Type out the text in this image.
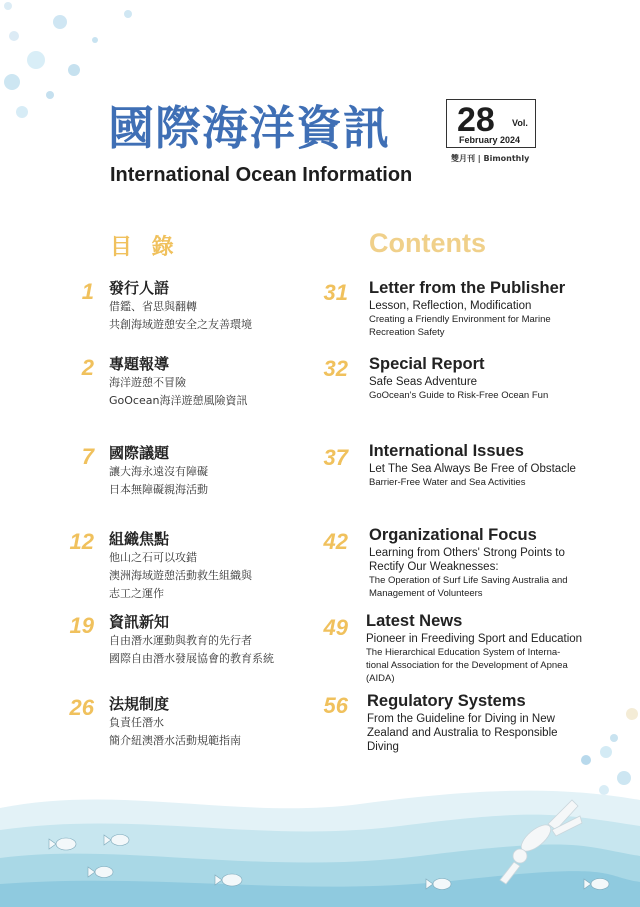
國際海洋資訊
International Ocean Information
28 Vol.
February 2024
雙月刊 | Bimonthly
目 錄	Contents
1 發行人語
借鑑、省思與翻轉
共創海域遊憩安全之友善環境
2 專題報導
海洋遊憩不冒險
GoOcean海洋遊憩風險資訊
7 國際議題
讓大海永遠沒有障礙
日本無障礙親海活動
12 組織焦點
他山之石可以攻錯
澳洲海域遊憩活動救生組織與
志工之運作
19 資訊新知
自由潛水運動與教育的先行者
國際自由潛水發展協會的教育系統
26 法規制度
負責任潛水
簡介紐澳潛水活動規範指南
31 Letter from the Publisher
Lesson, Reflection, Modification
Creating a Friendly Environment for Marine
Recreation Safety
32 Special Report
Safe Seas Adventure
GoOcean's Guide to Risk-Free Ocean Fun
37 International Issues
Let The Sea Always Be Free of Obstacle
Barrier-Free Water and Sea Activities
42 Organizational Focus
Learning from Others' Strong Points to
Rectify Our Weaknesses:
The Operation of Surf Life Saving Australia and
Management of Volunteers
49 Latest News
Pioneer in Freediving Sport and Education
The Hierarchical Education System of Interna-
tional Association for the Development of Apnea
(AIDA)
56 Regulatory Systems
From the Guideline for Diving in New
Zealand and Australia to Responsible
Diving
